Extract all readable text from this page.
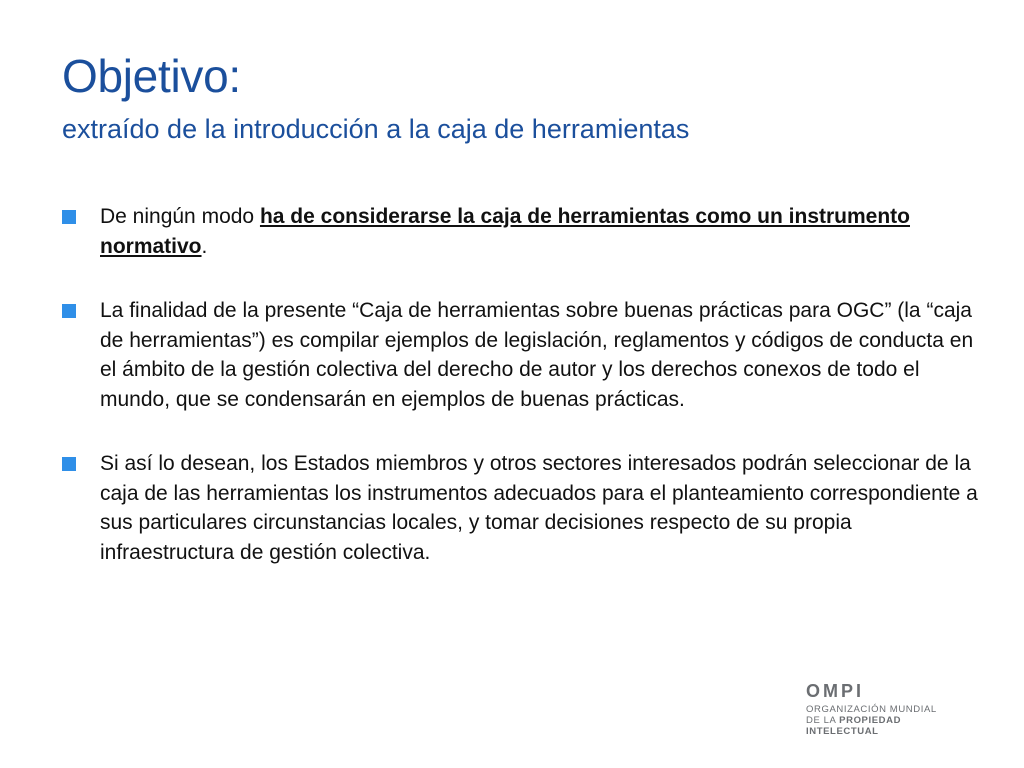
Objetivo:
extraído de la introducción a la caja de herramientas
De ningún modo ha de considerarse la caja de herramientas como un instrumento normativo.
La finalidad de la presente “Caja de herramientas sobre buenas prácticas para OGC” (la “caja de herramientas”) es compilar ejemplos de legislación, reglamentos y códigos de conducta en el ámbito de la gestión colectiva del derecho de autor y los derechos conexos de todo el mundo, que se condensarán en ejemplos de buenas prácticas.
Si así lo desean, los Estados miembros y otros sectores interesados podrán seleccionar de la caja de las herramientas los instrumentos adecuados para el planteamiento correspondiente a sus particulares circunstancias locales, y tomar decisiones respecto de su propia infraestructura de gestión colectiva.
OMPI
ORGANIZACIÓN MUNDIAL
DE LA PROPIEDAD
INTELECTUAL
